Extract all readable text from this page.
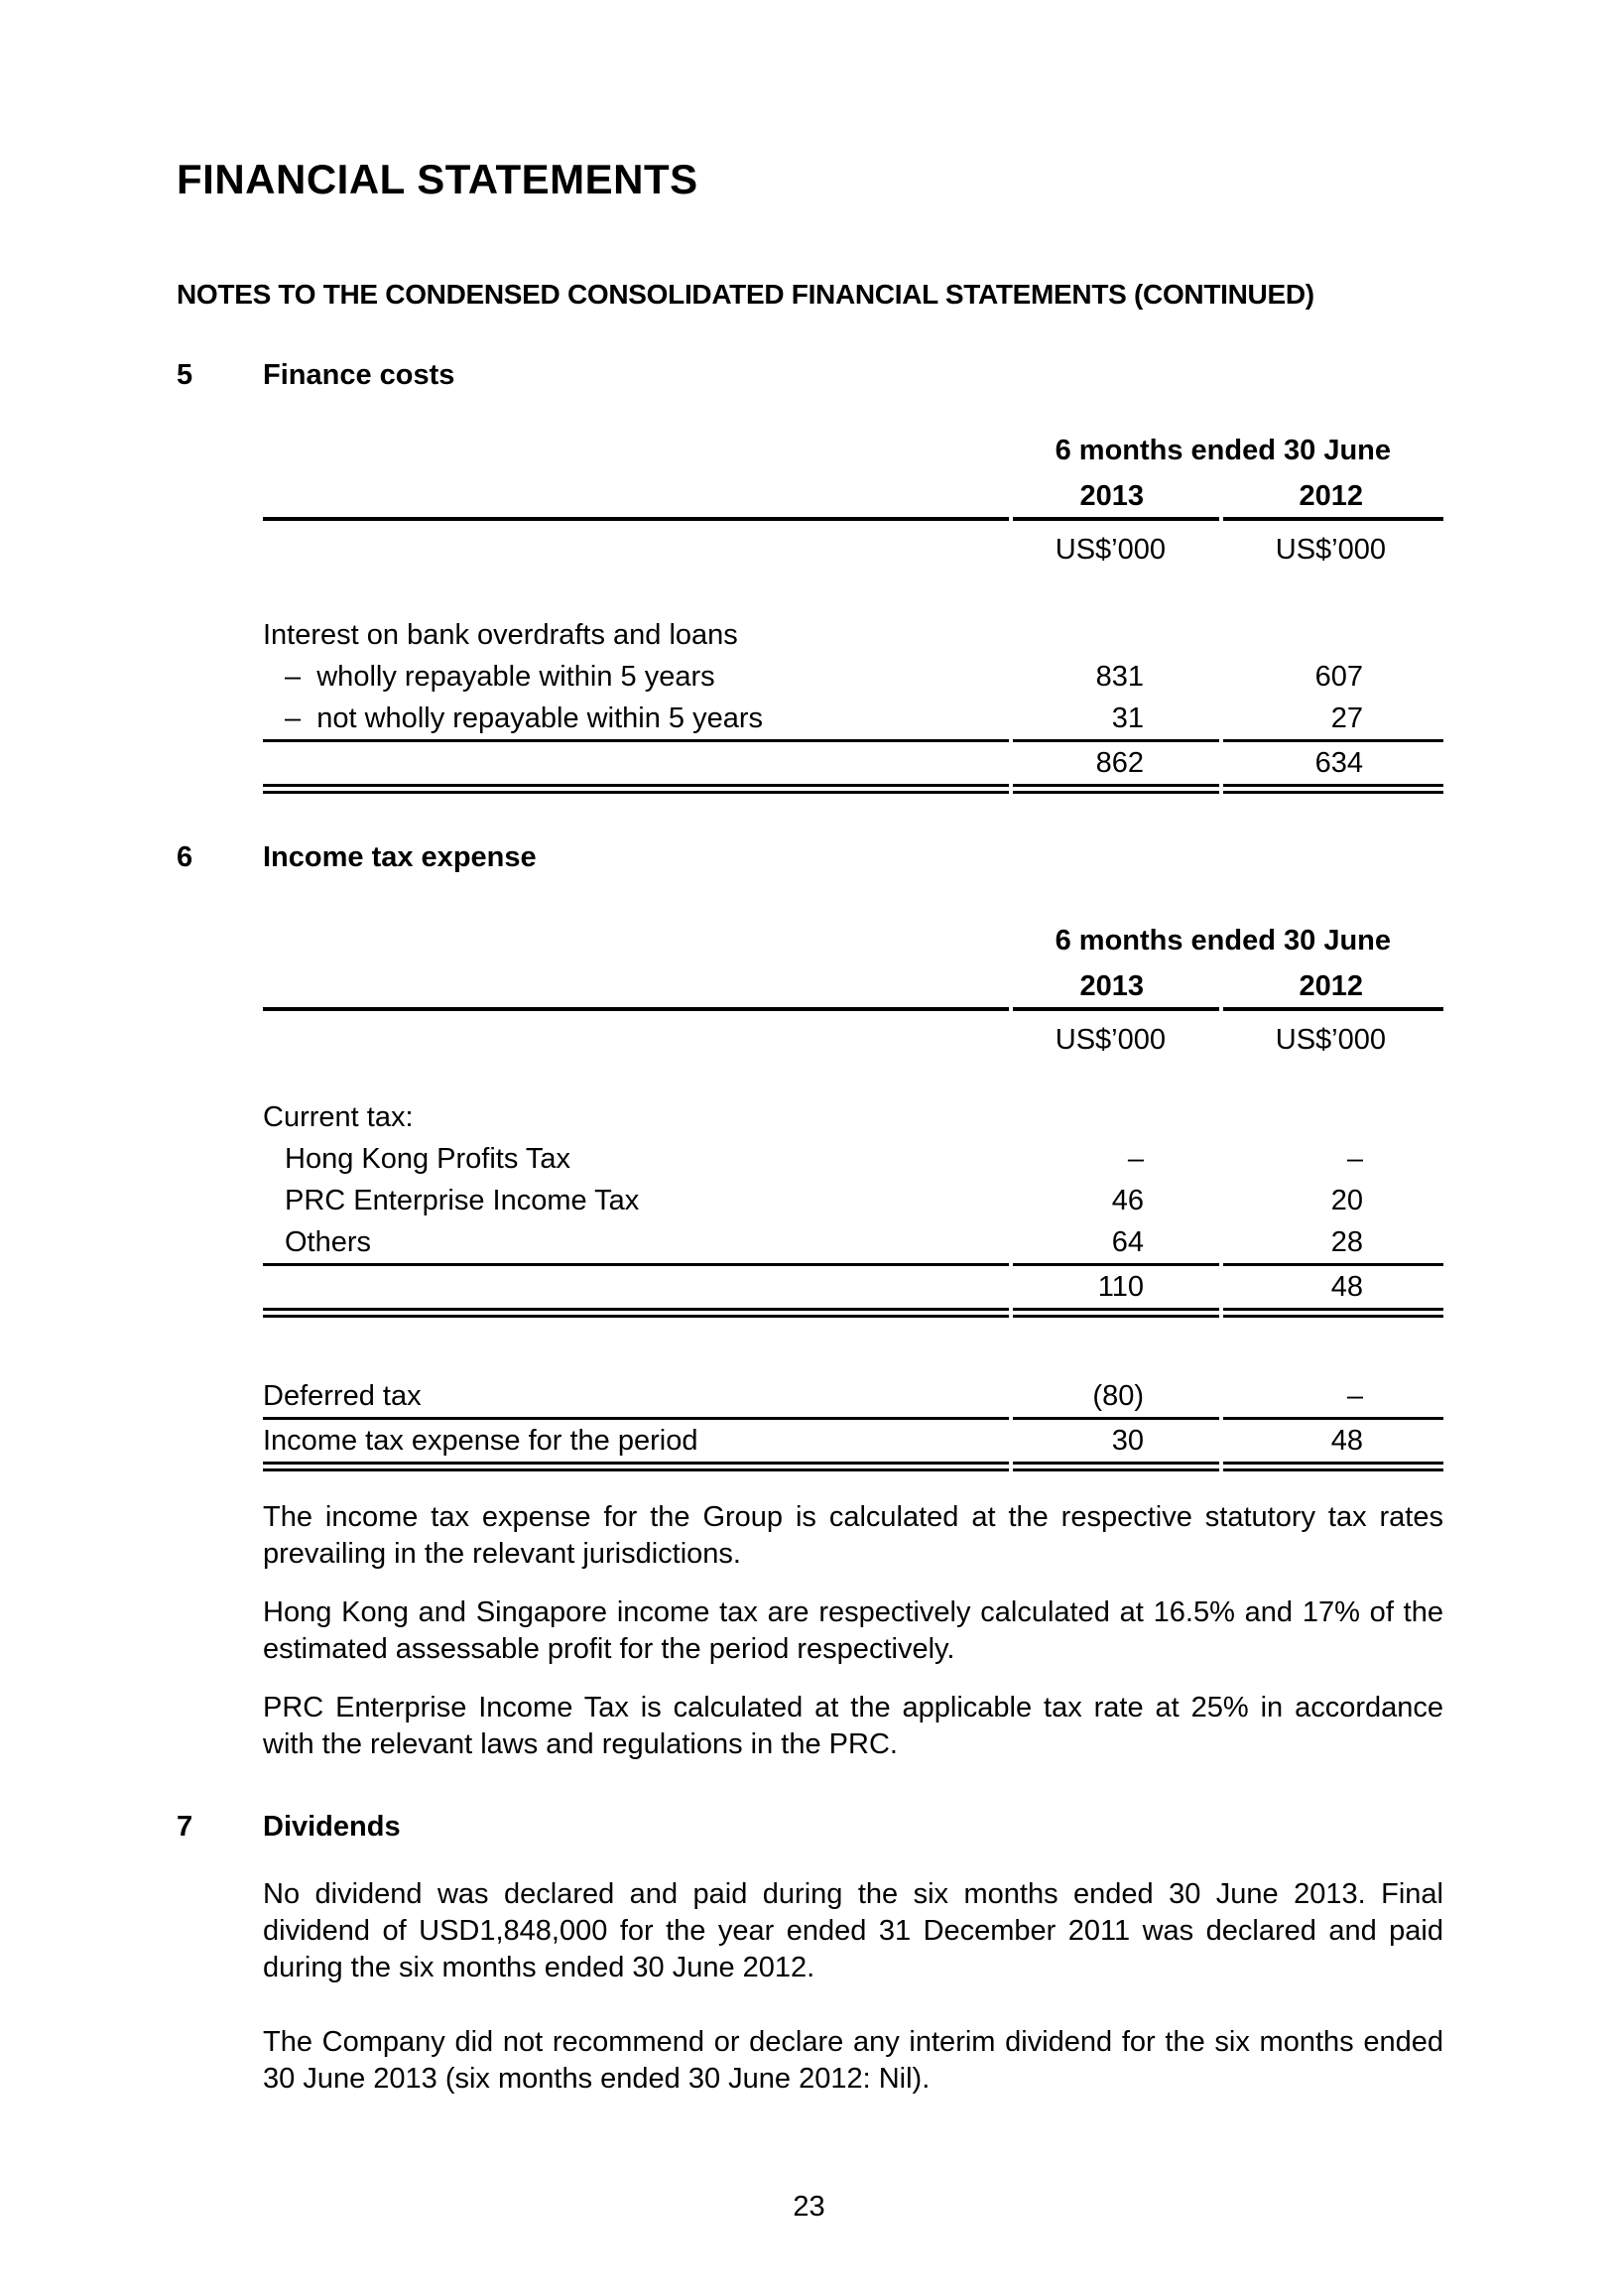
FINANCIAL STATEMENTS
NOTES TO THE CONDENSED CONSOLIDATED FINANCIAL STATEMENTS (CONTINUED)
5	Finance costs
	6 months ended 30 June	
	2013	2012
	US$’000	US$’000

Interest on bank overdrafts and loans		
–  wholly repayable within 5 years	831	607
–  not wholly repayable within 5 years	31	27
	862	634
6	Income tax expense
	6 months ended 30 June	
	2013	2012
	US$’000	US$’000

Current tax:		
Hong Kong Profits Tax	–	–
PRC Enterprise Income Tax	46	20
Others	64	28
	110	48

Deferred tax	(80)	–
Income tax expense for the period	30	48

The income tax expense for the Group is calculated at the respective statutory tax rates prevailing in the relevant jurisdictions.

Hong Kong and Singapore income tax are respectively calculated at 16.5% and 17% of the estimated assessable profit for the period respectively.

PRC Enterprise Income Tax is calculated at the applicable tax rate at 25% in accordance with the relevant laws and regulations in the PRC.

7	Dividends

No dividend was declared and paid during the six months ended 30 June 2013. Final dividend of USD1,848,000 for the year ended 31 December 2011 was declared and paid during the six months ended 30 June 2012.

The Company did not recommend or declare any interim dividend for the six months ended 30 June 2013 (six months ended 30 June 2012: Nil).

23
